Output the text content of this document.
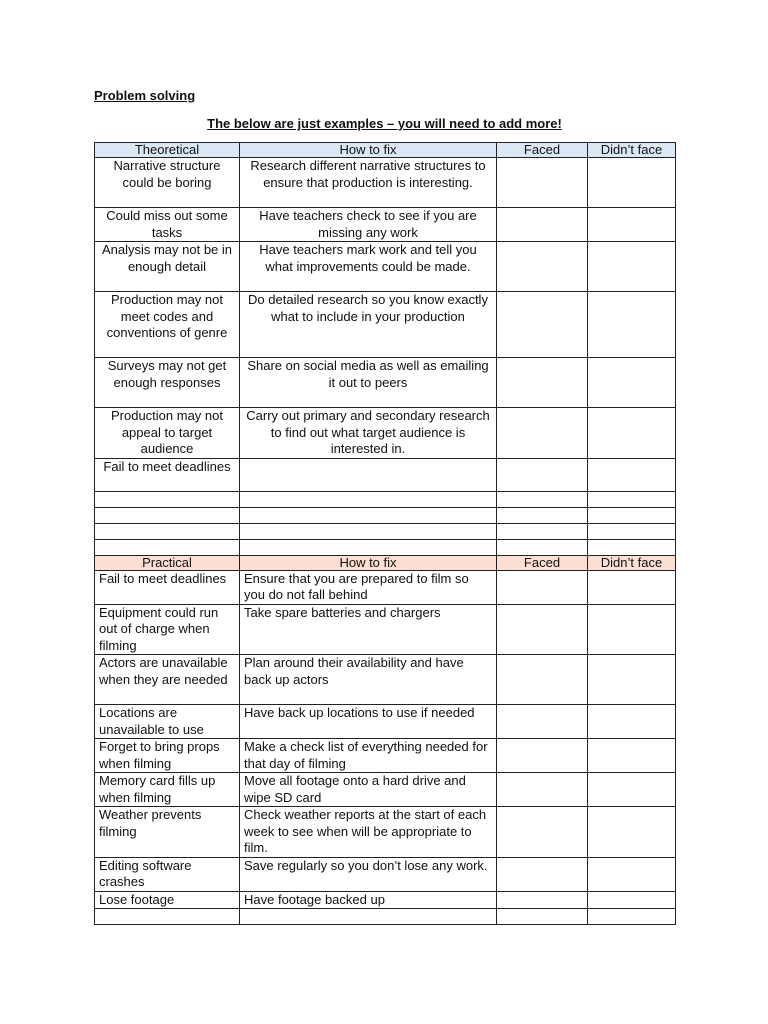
Problem solving
The below are just examples – you will need to add more!
Theoretical	How to fix	Faced	Didn’t face
Narrative structure could be boring	Research different narrative structures to ensure that production is interesting.		
Could miss out some tasks	Have teachers check to see if you are missing any work		
Analysis may not be in enough detail	Have teachers mark work and tell you what improvements could be made.		
Production may not meet codes and conventions of genre	Do detailed research so you know exactly what to include in your production		
Surveys may not get enough responses	Share on social media as well as emailing it out to peers		
Production may not appeal to target audience	Carry out primary and secondary research to find out what target audience is interested in.		
Fail to meet deadlines			

Practical	How to fix	Faced	Didn’t face
Fail to meet deadlines	Ensure that you are prepared to film so you do not fall behind		
Equipment could run out of charge when filming	Take spare batteries and chargers		
Actors are unavailable when they are needed	Plan around their availability and have back up actors		
Locations are unavailable to use	Have back up locations to use if needed		
Forget to bring props when filming	Make a check list of everything needed for that day of filming		
Memory card fills up when filming	Move all footage onto a hard drive and wipe SD card		
Weather prevents filming	Check weather reports at the start of each week to see when will be appropriate to film.		
Editing software crashes	Save regularly so you don’t lose any work.		
Lose footage	Have footage backed up		
